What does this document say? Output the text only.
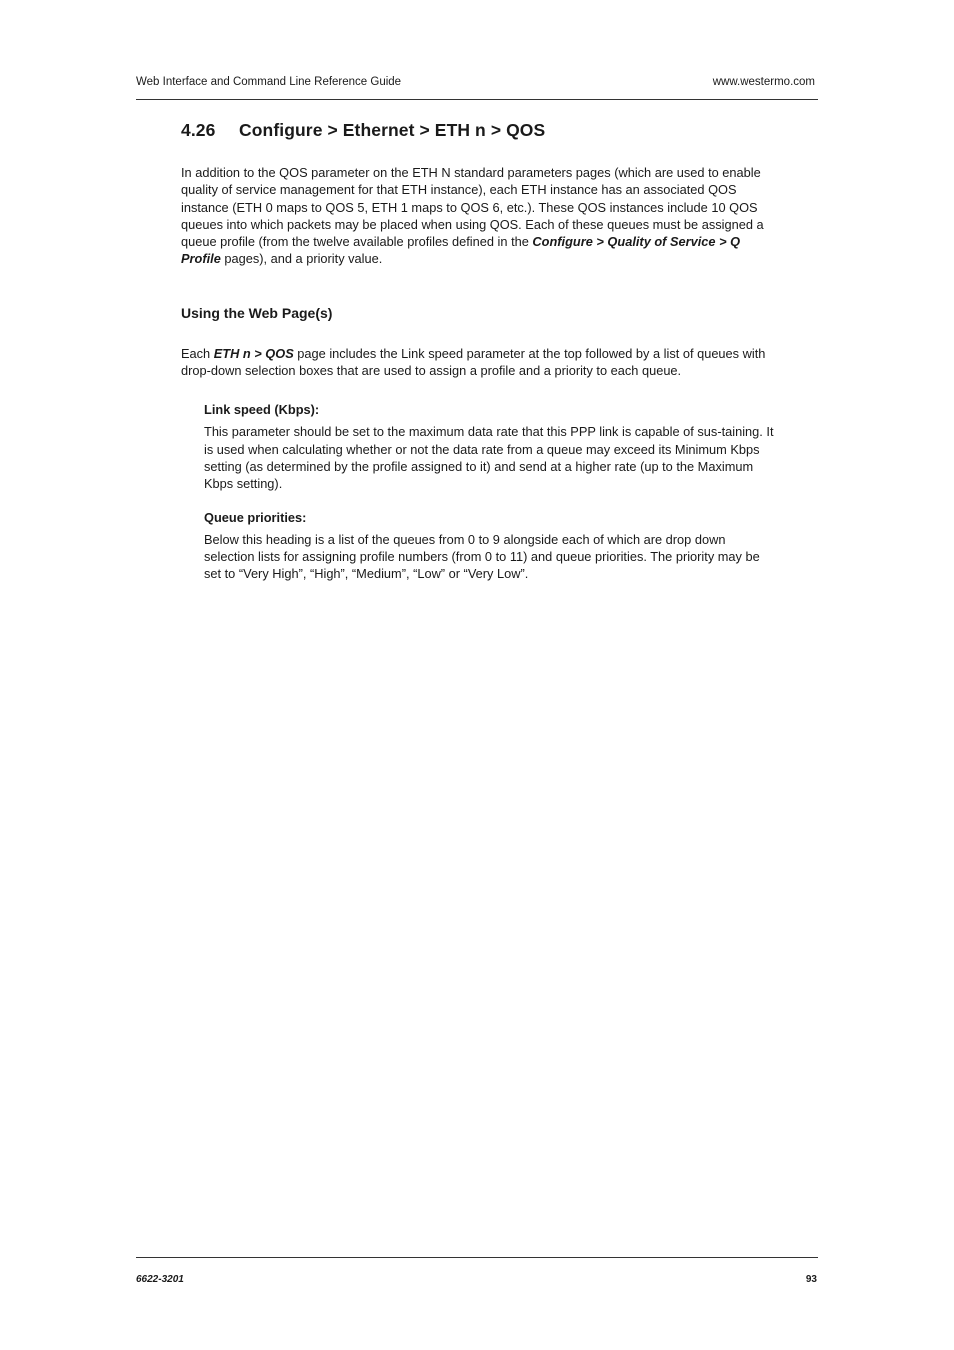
Web Interface and Command Line Reference Guide	www.westermo.com
4.26 Configure > Ethernet > ETH n > QOS

In addition to the QOS parameter on the ETH N standard parameters pages (which are used to enable quality of service management for that ETH instance), each ETH instance has an associated QOS instance (ETH 0 maps to QOS 5, ETH 1 maps to QOS 6, etc.). These QOS instances include 10 QOS queues into which packets may be placed when using QOS. Each of these queues must be assigned a queue profile (from the twelve available profiles defined in the Configure > Quality of Service > Q Profile pages), and a priority value.

Using the Web Page(s)

Each ETH n > QOS page includes the Link speed parameter at the top followed by a list of queues with drop-down selection boxes that are used to assign a profile and a priority to each queue.

Link speed (Kbps):

This parameter should be set to the maximum data rate that this PPP link is capable of sus-taining. It is used when calculating whether or not the data rate from a queue may exceed its Minimum Kbps setting (as determined by the profile assigned to it) and send at a higher rate (up to the Maximum Kbps setting).

Queue priorities:

Below this heading is a list of the queues from 0 to 9 alongside each of which are drop down selection lists for assigning profile numbers (from 0 to 11) and queue priorities. The priority may be set to “Very High”, “High”, “Medium”, “Low” or “Very Low”.

6622-3201	93
